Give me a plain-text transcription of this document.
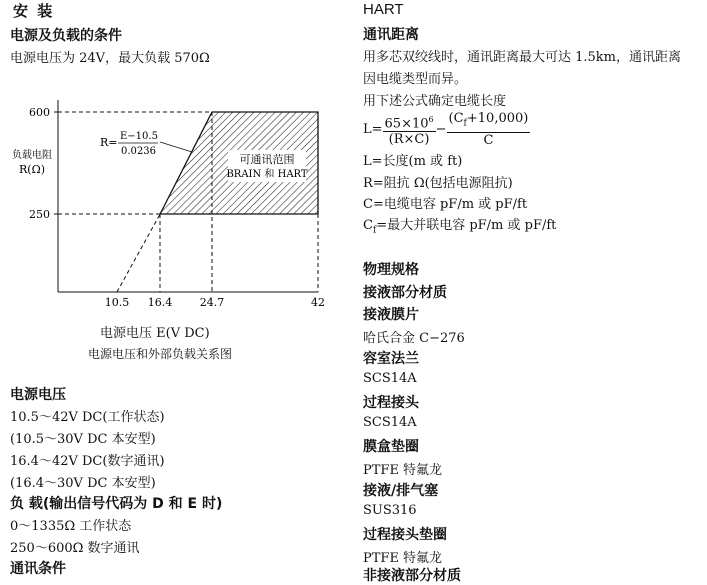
安 装
电源及负载的条件
电源电压为 24V，最大负载 570Ω
600
250
10.5 16.4	24.7	42
负载电阻
R(Ω)
R= E−10.5
0.0236
可通讯范围
BRAIN 和 HART
电源电压 E(V DC)
电源电压和外部负载关系图
电源电压
10.5～42V DC(工作状态)
(10.5～30V DC 本安型)
16.4～42V DC(数字通讯)
(16.4～30V DC 本安型)
负 载(输出信号代码为 D 和 E 时)
0～1335Ω 工作状态
250～600Ω 数字通讯
通讯条件
HART
通讯距离
用多芯双绞线时，通讯距离最大可达 1.5km，通讯距离
因电缆类型而异。
用下述公式确定电缆长度
$L= \frac{65\times 10^6}{(R\times C)} - \frac{(C_f+10,000)}{C}$
L=长度(m 或 ft)
R=阻抗 Ω(包括电源阻抗)
C=电缆电容 pF/m 或 pF/ft
$C_f=$最大并联电容 pF/m 或 pF/ft
物理规格
接液部分材质
接液膜片
哈氏合金 C−276
容室法兰
SCS14A
过程接头
SCS14A
膜盒垫圈
PTFE 特氟龙
接液/排气塞
SUS316
过程接头垫圈
PTFE 特氟龙
非接液部分材质
